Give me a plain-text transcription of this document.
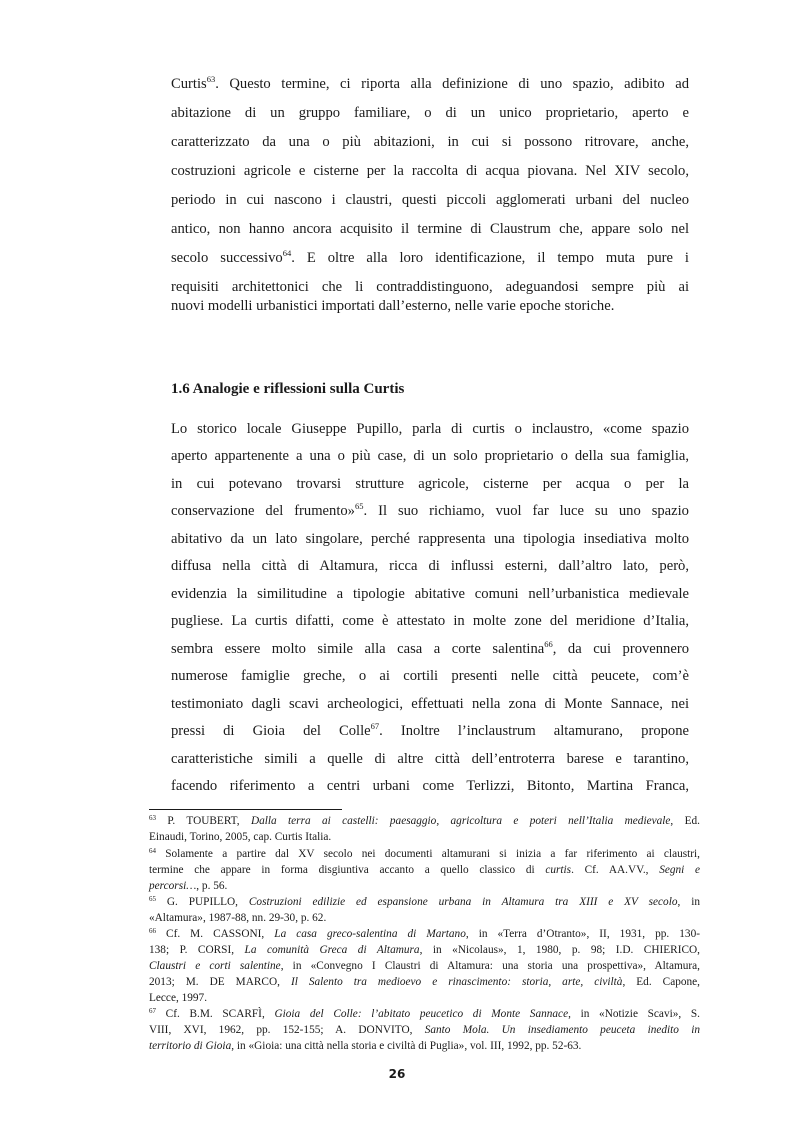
Curtis$^{63}$. Questo termine, ci riporta alla definizione di uno spazio, adibito ad
abitazione di un gruppo familiare, o di un unico proprietario, aperto e
caratterizzato da una o più abitazioni, in cui si possono ritrovare, anche,
costruzioni agricole e cisterne per la raccolta di acqua piovana. Nel XIV secolo,
periodo in cui nascono i claustri, questi piccoli agglomerati urbani del nucleo
antico, non hanno ancora acquisito il termine di Claustrum che, appare solo nel
secolo successivo$^{64}$. E oltre alla loro identificazione, il tempo muta pure i
requisiti architettonici che li contraddistinguono, adeguandosi sempre più ai
nuovi modelli urbanistici importati dall’esterno, nelle varie epoche storiche.
1.6 Analogie e riflessioni sulla Curtis
Lo storico locale Giuseppe Pupillo, parla di curtis o inclaustro, «come spazio
aperto appartenente a una o più case, di un solo proprietario o della sua famiglia,
in cui potevano trovarsi strutture agricole, cisterne per acqua o per la
conservazione del frumento»$^{65}$. Il suo richiamo, vuol far luce su uno spazio
abitativo da un lato singolare, perché rappresenta una tipologia insediativa molto
diffusa nella città di Altamura, ricca di influssi esterni, dall’altro lato, però,
evidenzia la similitudine a tipologie abitative comuni nell’urbanistica medievale
pugliese. La curtis difatti, come è attestato in molte zone del meridione d’Italia,
sembra essere molto simile alla casa a corte salentina$^{66}$, da cui provennero
numerose famiglie greche, o ai cortili presenti nelle città peucete, com’è
testimoniato dagli scavi archeologici, effettuati nella zona di Monte Sannace, nei
pressi di Gioia del Colle$^{67}$. Inoltre l’inclaustrum altamurano, propone
caratteristiche simili a quelle di altre città dell’entroterra barese e tarantino,
facendo riferimento a centri urbani come Terlizzi, Bitonto, Martina Franca,
$^{63}$ P. TOUBERT, Dalla terra ai castelli: paesaggio, agricoltura e poteri nell’Italia medievale, Ed.
Einaudi, Torino, 2005, cap. Curtis Italia.
$^{64}$ Solamente a partire dal XV secolo nei documenti altamurani si inizia a far riferimento ai claustri,
termine che appare in forma disgiuntiva accanto a quello classico di curtis. Cf. AA.VV., Segni e
percorsi…, p. 56.
$^{65}$ G. PUPILLO, Costruzioni edilizie ed espansione urbana in Altamura tra XIII e XV secolo, in
«Altamura», 1987-88, nn. 29-30, p. 62.
$^{66}$ Cf. M. CASSONI, La casa greco-salentina di Martano, in «Terra d’Otranto», II, 1931, pp. 130-
138; P. CORSI, La comunità Greca di Altamura, in «Nicolaus», 1, 1980, p. 98; I.D. CHIERICO,
Claustri e corti salentine, in «Convegno I Claustri di Altamura: una storia una prospettiva», Altamura,
2013; M. DE MARCO, Il Salento tra medioevo e rinascimento: storia, arte, civiltà, Ed. Capone,
Lecce, 1997.
$^{67}$ Cf. B.M. SCARFÌ, Gioia del Colle: l’abitato peucetico di Monte Sannace, in «Notizie Scavi», S.
VIII, XVI, 1962, pp. 152-155; A. DONVITO, Santo Mola. Un insediamento peuceta inedito in
territorio di Gioia, in «Gioia: una città nella storia e civiltà di Puglia», vol. III, 1992, pp. 52-63.
26
